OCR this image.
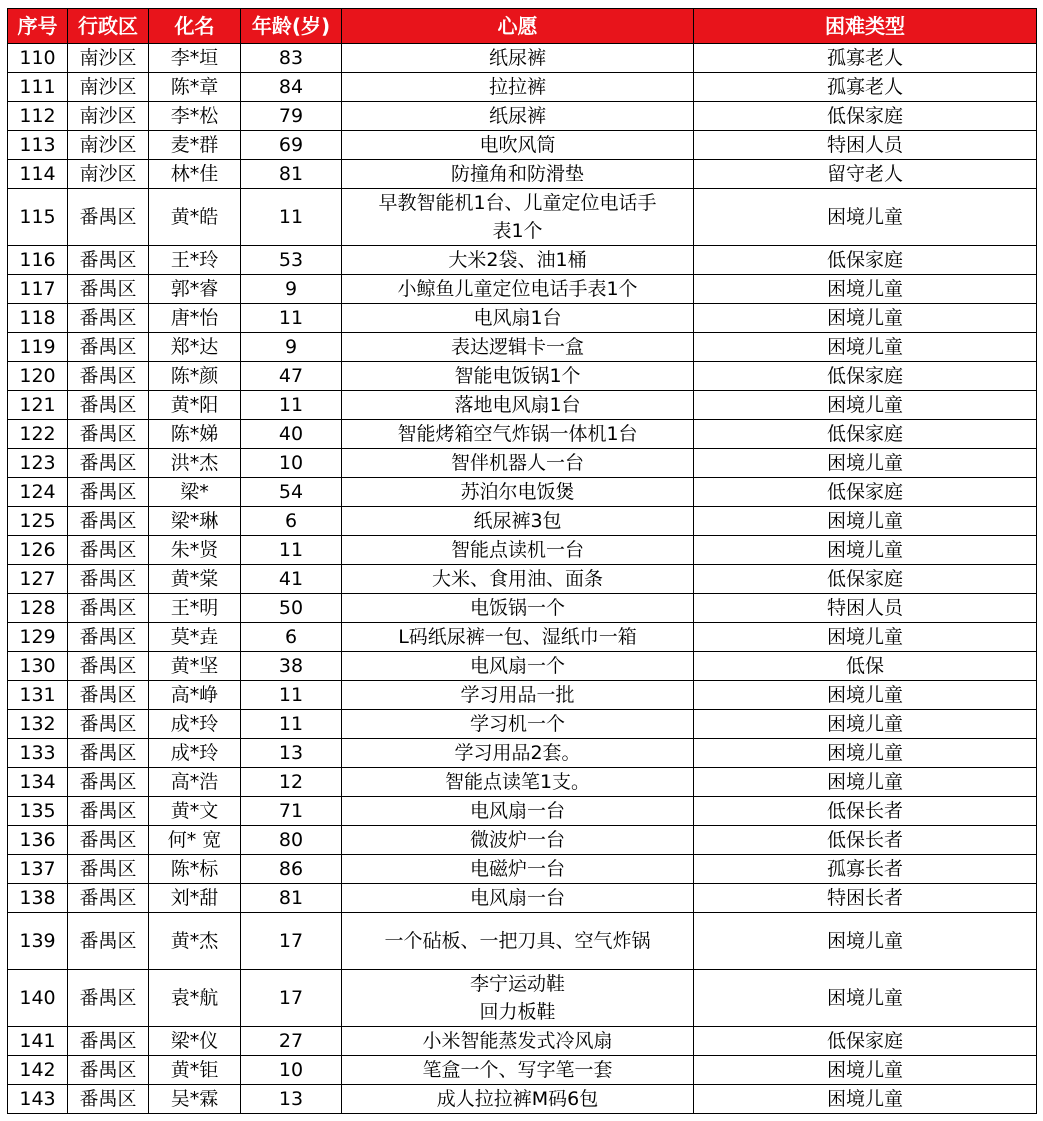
序号	行政区	化名	年龄(岁)	心愿	困难类型
110	南沙区	李*垣	83	纸尿裤	孤寡老人
111	南沙区	陈*章	84	拉拉裤	孤寡老人
112	南沙区	李*松	79	纸尿裤	低保家庭
113	南沙区	麦*群	69	电吹风筒	特困人员
114	南沙区	林*佳	81	防撞角和防滑垫	留守老人
115	番禺区	黄*皓	11	早教智能机1台、儿童定位电话手
表1个	困境儿童
116	番禺区	王*玲	53	大米2袋、油1桶	低保家庭
117	番禺区	郭*睿	9	小鲸鱼儿童定位电话手表1个	困境儿童
118	番禺区	唐*怡	11	电风扇1台	困境儿童
119	番禺区	郑*达	9	表达逻辑卡一盒	困境儿童
120	番禺区	陈*颜	47	智能电饭锅1个	低保家庭
121	番禺区	黄*阳	11	落地电风扇1台	困境儿童
122	番禺区	陈*娣	40	智能烤箱空气炸锅一体机1台	低保家庭
123	番禺区	洪*杰	10	智伴机器人一台	困境儿童
124	番禺区	梁*	54	苏泊尔电饭煲	低保家庭
125	番禺区	梁*琳	6	纸尿裤3包	困境儿童
126	番禺区	朱*贤	11	智能点读机一台	困境儿童
127	番禺区	黄*棠	41	大米、食用油、面条	低保家庭
128	番禺区	王*明	50	电饭锅一个	特困人员
129	番禺区	莫*垚	6	L码纸尿裤一包、湿纸巾一箱	困境儿童
130	番禺区	黄*坚	38	电风扇一个	低保
131	番禺区	高*峥	11	学习用品一批	困境儿童
132	番禺区	成*玲	11	学习机一个	困境儿童
133	番禺区	成*玲	13	学习用品2套。	困境儿童
134	番禺区	高*浩	12	智能点读笔1支。	困境儿童
135	番禺区	黄*文	71	电风扇一台	低保长者
136	番禺区	何* 宽	80	微波炉一台	低保长者
137	番禺区	陈*标	86	电磁炉一台	孤寡长者
138	番禺区	刘*甜	81	电风扇一台	特困长者
139	番禺区	黄*杰	17	一个砧板、一把刀具、空气炸锅	困境儿童
140	番禺区	袁*航	17	李宁运动鞋
回力板鞋	困境儿童
141	番禺区	梁*仪	27	小米智能蒸发式冷风扇	低保家庭
142	番禺区	黄*钜	10	笔盒一个、写字笔一套	困境儿童
143	番禺区	吴*霖	13	成人拉拉裤M码6包	困境儿童
